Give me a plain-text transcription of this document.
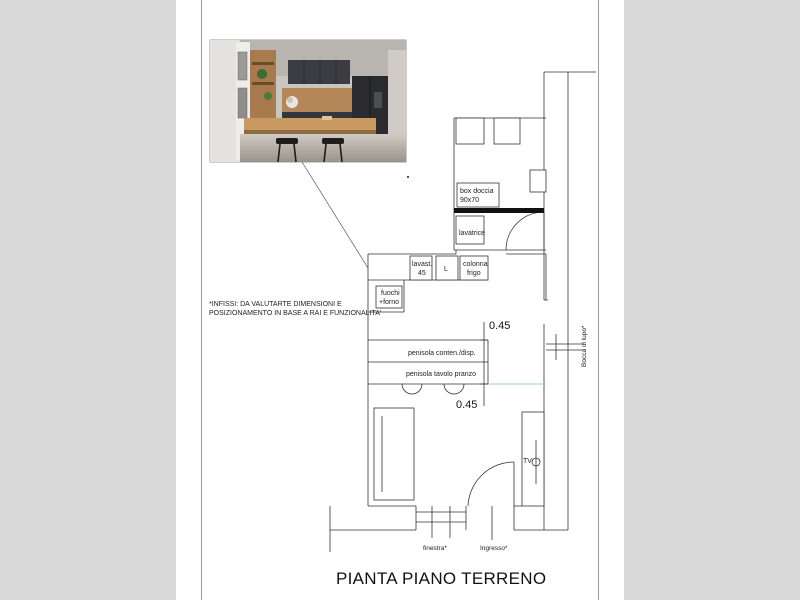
box doccia
90x70
lavatrice
lavast.
45
L
colonna
frigo
fuochi
+forno
0.45
penisola conten./disp.
penisola tavolo pranzo
0.45
TV
finestra*	Ingresso*
Bocca di lupo*
*INFISSI: DA VALUTARTE DIMENSIONI E
POSIZIONAMENTO IN BASE A RAI E FUNZIONALITA'
PIANTA PIANO TERRENO
